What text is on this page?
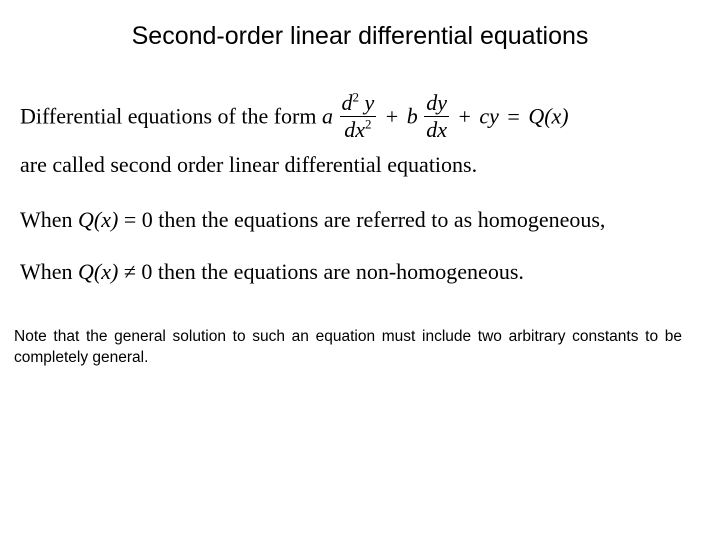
Second-order linear differential equations
Differential equations of the form a $\frac{d^2 y}{dx^2} + b \frac{dy}{dx}$ + cy = Q(x)
are called second order linear differential equations.
When Q(x) = 0 then the equations are referred to as homogeneous,
When Q(x) ≠ 0 then the equations are non-homogeneous.
Note that the general solution to such an equation must include two arbitrary constants to be completely general.
